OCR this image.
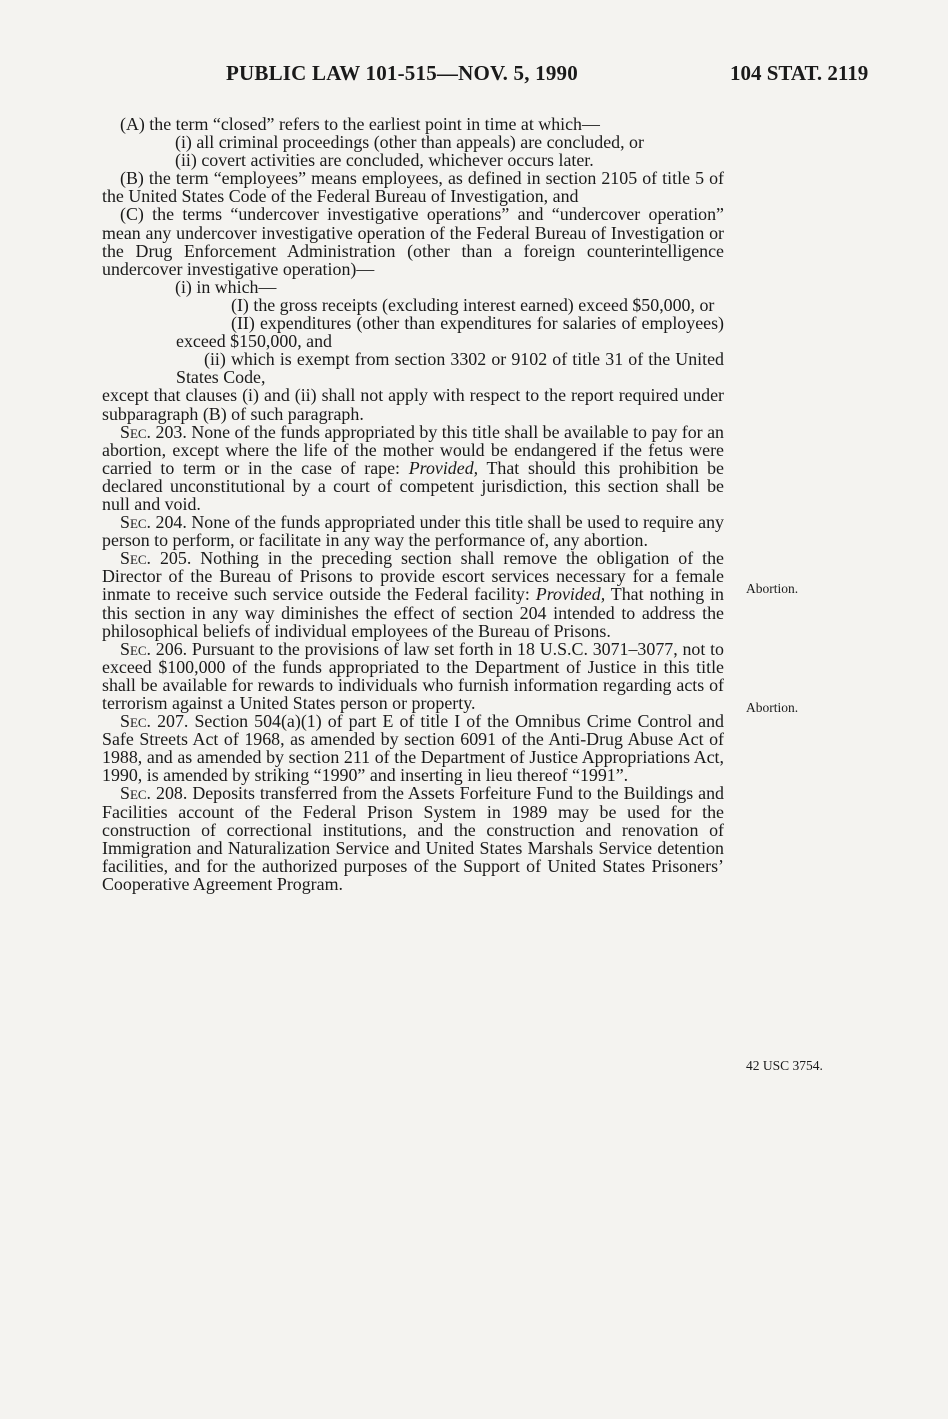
PUBLIC LAW 101-515—NOV. 5, 1990	104 STAT. 2119

(A) the term “closed” refers to the earliest point in time at which—

(i) all criminal proceedings (other than appeals) are concluded, or

(ii) covert activities are concluded, whichever occurs later.

(B) the term “employees” means employees, as defined in section 2105 of title 5 of the United States Code of the Federal Bureau of Investigation, and

(C) the terms “undercover investigative operations” and “undercover operation” mean any undercover investigative operation of the Federal Bureau of Investigation or the Drug Enforcement Administration (other than a foreign counterintelligence undercover investigative operation)—

(i) in which—

(I) the gross receipts (excluding interest earned) exceed $50,000, or

(II) expenditures (other than expenditures for salaries of employees) exceed $150,000, and

(ii) which is exempt from section 3302 or 9102 of title 31 of the United States Code,

except that clauses (i) and (ii) shall not apply with respect to the report required under subparagraph (B) of such paragraph.

Sec. 203. None of the funds appropriated by this title shall be available to pay for an abortion, except where the life of the mother would be endangered if the fetus were carried to term or in the case of rape: Provided, That should this prohibition be declared unconstitutional by a court of competent jurisdiction, this section shall be null and void.

Sec. 204. None of the funds appropriated under this title shall be used to require any person to perform, or facilitate in any way the performance of, any abortion.

Sec. 205. Nothing in the preceding section shall remove the obligation of the Director of the Bureau of Prisons to provide escort services necessary for a female inmate to receive such service outside the Federal facility: Provided, That nothing in this section in any way diminishes the effect of section 204 intended to address the philosophical beliefs of individual employees of the Bureau of Prisons.

Sec. 206. Pursuant to the provisions of law set forth in 18 U.S.C. 3071–3077, not to exceed $100,000 of the funds appropriated to the Department of Justice in this title shall be available for rewards to individuals who furnish information regarding acts of terrorism against a United States person or property.

Sec. 207. Section 504(a)(1) of part E of title I of the Omnibus Crime Control and Safe Streets Act of 1968, as amended by section 6091 of the Anti-Drug Abuse Act of 1988, and as amended by section 211 of the Department of Justice Appropriations Act, 1990, is amended by striking “1990” and inserting in lieu thereof “1991”.

Sec. 208. Deposits transferred from the Assets Forfeiture Fund to the Buildings and Facilities account of the Federal Prison System in 1989 may be used for the construction of correctional institutions, and the construction and renovation of Immigration and Naturalization Service and United States Marshals Service detention facilities, and for the authorized purposes of the Support of United States Prisoners’ Cooperative Agreement Program.

Abortion.
Abortion.
42 USC 3754.
